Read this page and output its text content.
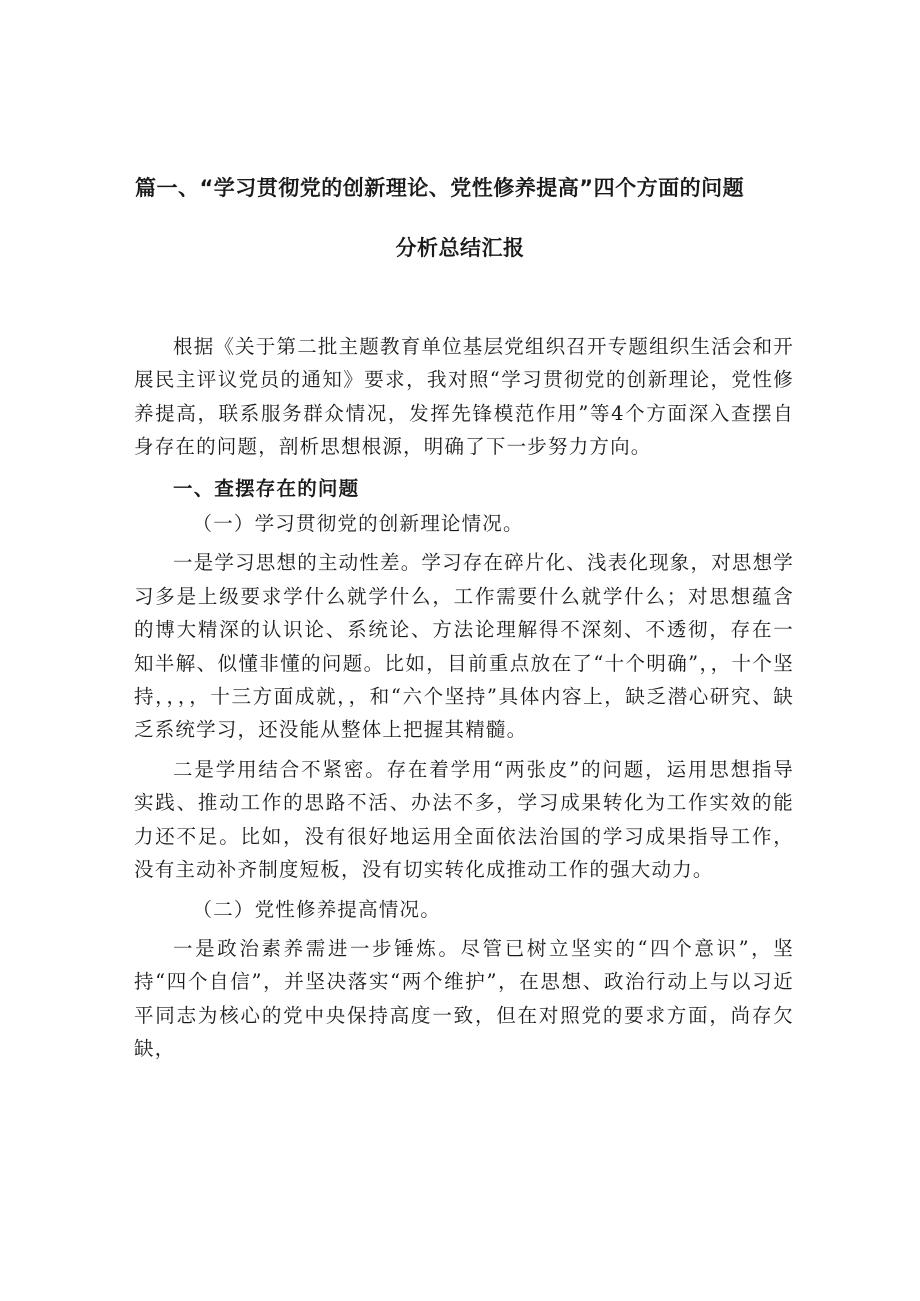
篇一、“学习贯彻党的创新理论、党性修养提高”四个方面的问题
分析总结汇报

根据《关于第二批主题教育单位基层党组织召开专题组织生活会和开展民主评议党员的通知》要求，我对照“学习贯彻党的创新理论，党性修养提高，联系服务群众情况，发挥先锋模范作用”等4个方面深入查摆自身存在的问题，剖析思想根源，明确了下一步努力方向。

一、查摆存在的问题

（一）学习贯彻党的创新理论情况。

一是学习思想的主动性差。学习存在碎片化、浅表化现象，对思想学习多是上级要求学什么就学什么，工作需要什么就学什么；对思想蕴含的博大精深的认识论、系统论、方法论理解得不深刻、不透彻，存在一知半解、似懂非懂的问题。比如，目前重点放在了“十个明确”，，十个坚持，，，，十三方面成就，，和“六个坚持”具体内容上，缺乏潜心研究、缺乏系统学习，还没能从整体上把握其精髓。

二是学用结合不紧密。存在着学用“两张皮”的问题，运用思想指导实践、推动工作的思路不活、办法不多，学习成果转化为工作实效的能力还不足。比如，没有很好地运用全面依法治国的学习成果指导工作，没有主动补齐制度短板，没有切实转化成推动工作的强大动力。

（二）党性修养提高情况。

一是政治素养需进一步锤炼。尽管已树立坚实的“四个意识”，坚持“四个自信”，并坚决落实“两个维护”，在思想、政治行动上与以习近平同志为核心的党中央保持高度一致，但在对照党的要求方面，尚存欠缺，
